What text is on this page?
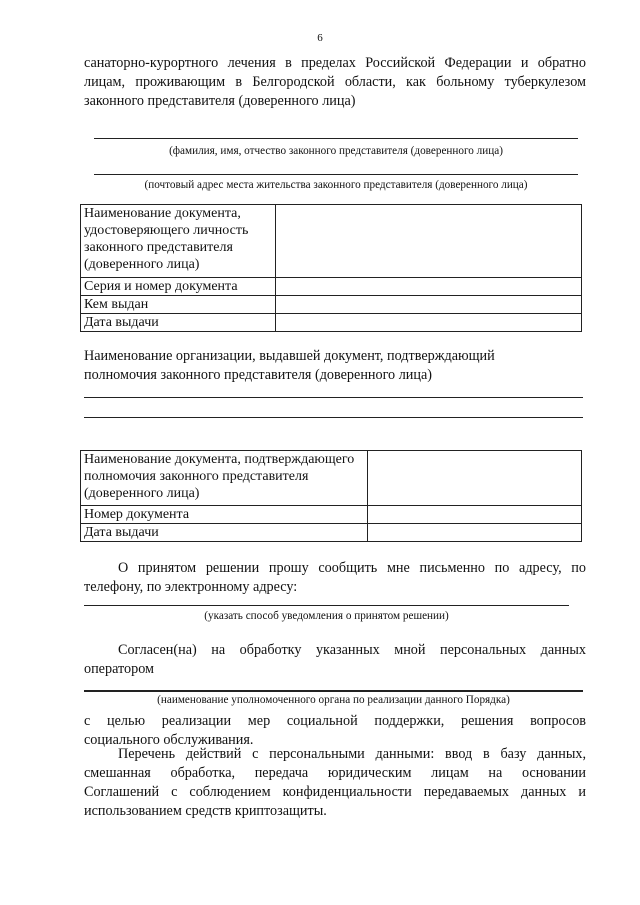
6

санаторно-курортного лечения в пределах Российской Федерации и обратно

лицам, проживающим в Белгородской области, как больному туберкулезом

законного представителя (доверенного лица)

(фамилия, имя, отчество законного представителя (доверенного лица)
(почтовый адрес места жительства законного представителя (доверенного лица)
Наименование документа, удостоверяющего личность законного представителя (доверенного лица)	
Серия и номер документа	
Кем выдан	
Дата выдачи	

Наименование организации, выдавшей документ, подтверждающий

полномочия законного представителя (доверенного лица)

Наименование документа, подтверждающего полномочия законного представителя (доверенного лица)	
Номер документа	
Дата выдачи	

О принятом решении прошу сообщить мне письменно по адресу, по

телефону, по электронному адресу:

(указать способ уведомления о принятом решении)

Согласен(на) на обработку указанных мной персональных данных

оператором

(наименование уполномоченного органа по реализации данного Порядка)

с целью реализации мер социальной поддержки, решения вопросов

социального обслуживания.

Перечень действий с персональными данными: ввод в базу данных,

смешанная обработка, передача юридическим лицам на основании

Соглашений с соблюдением конфиденциальности передаваемых данных и

использованием средств криптозащиты.
